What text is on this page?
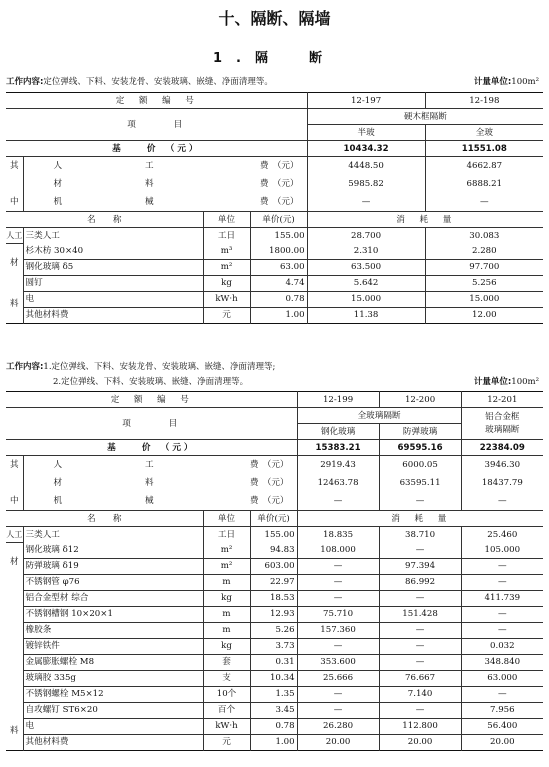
十、隔断、隔墙
1.隔　断
工作内容:定位弹线、下料、安装龙骨、安装玻璃、嵌缝、净面清理等。	计量单位:100m²
定　额　编　号					12-197	12-198
项　　　目					硬木框隔断	
					半玻	全玻
基　　价　（元）					10434.32	11551.08
其

中	人	工	费　（元）		4448.50	4662.87
	材	料	费　（元）		5985.82	6888.21
	机	械	费　（元）		—	—
名　　称			单位	单价(元)	消　耗　量	
人工	三类人工		工日	155.00	28.700	30.083

材
料	杉木枋 30×40		m³	1800.00	2.310	2.280
	钢化玻璃 δ5		m²	63.00	63.500	97.700
	圆钉		kg	4.74	5.642	5.256
	电		kW·h	0.78	15.000	15.000
	其他材料费		元	1.00	11.38	12.00
工作内容:1.定位弹线、下料、安装龙骨、安装玻璃、嵌缝、净面清理等;
2.定位弹线、下料、安装玻璃、嵌缝、净面清理等。	计量单位:100m²
定　额　编　号					12-199	12-200	12-201
项　　　目					全玻璃隔断		铝合金框
玻璃隔断
					钢化玻璃	防弹玻璃	
基　　价　（元）					15383.21	69595.16	22384.09
其

中	人	工	费　（元）		2919.43	6000.05	3946.30
	材	料	费　（元）		12463.78	63595.11	18437.79
	机	械	费　（元）		—	—	—
名　　称			单位	单价(元)	消　耗　量		
人工	三类人工		工日	155.00	18.835	38.710	25.460

材
料	钢化玻璃 δ12		m²	94.83	108.000	—	105.000
	防弹玻璃 δ19		m²	603.00	—	97.394	—
	不锈钢管 φ76		m	22.97	—	86.992	—
	铝合金型材 综合		kg	18.53	—	—	411.739
	不锈钢槽钢 10×20×1		m	12.93	75.710	151.428	—
	橡胶条		m	5.26	157.360	—	—
	镀锌铁件		kg	3.73	—	—	0.032
	金属膨胀螺栓 M8		套	0.31	353.600	—	348.840
	玻璃胶 335g		支	10.34	25.666	76.667	63.000
	不锈钢螺栓 M5×12		10个	1.35	—	7.140	—
	自攻螺钉 ST6×20		百个	3.45	—	—	7.956
	电		kW·h	0.78	26.280	112.800	56.400
	其他材料费		元	1.00	20.00	20.00	20.00
